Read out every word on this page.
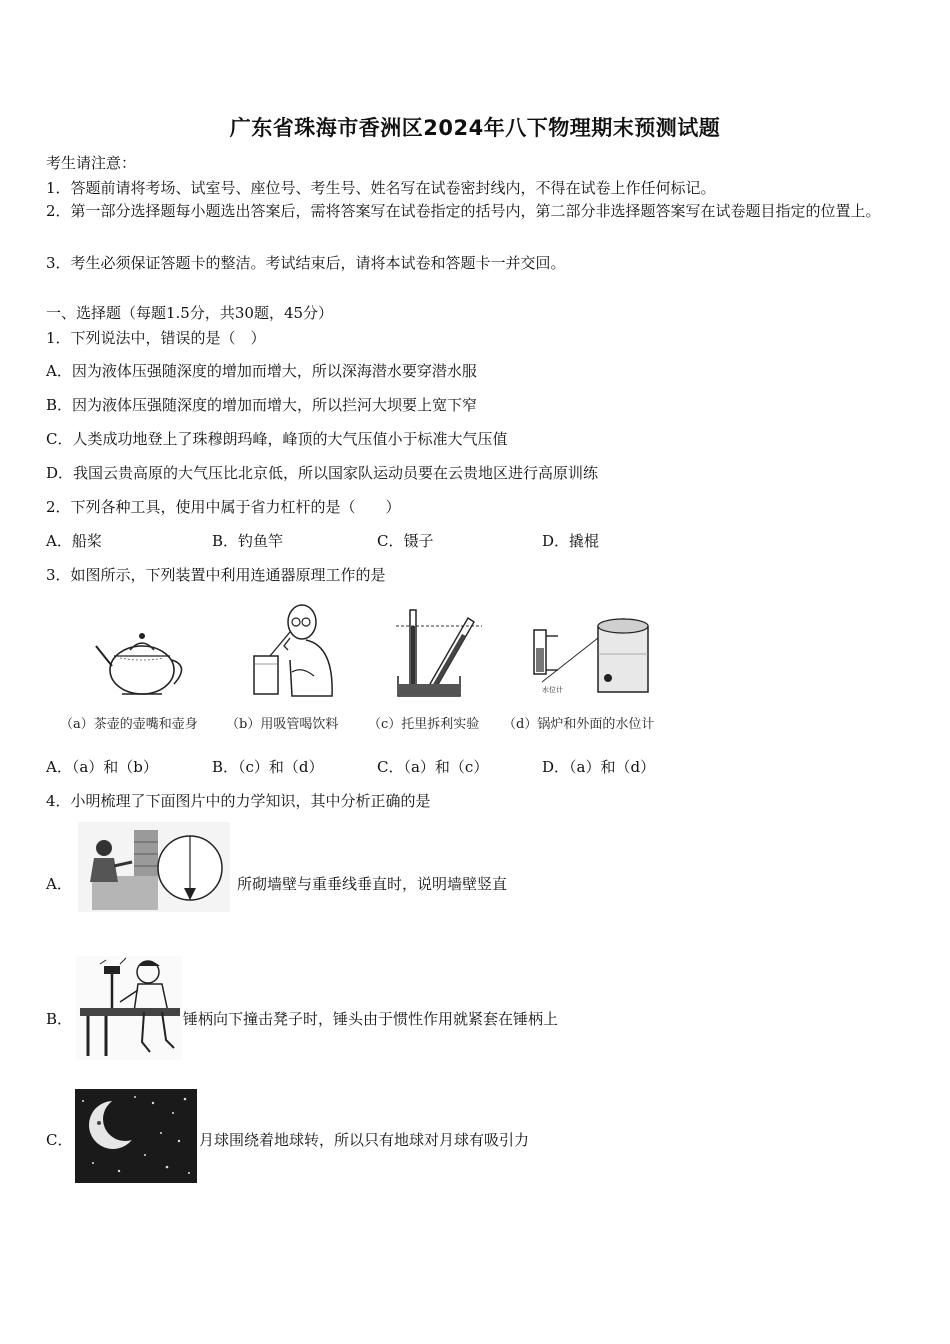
广东省珠海市香洲区2024年八下物理期末预测试题
考生请注意：
1．答题前请将考场、试室号、座位号、考生号、姓名写在试卷密封线内，不得在试卷上作任何标记。
2．第一部分选择题每小题选出答案后，需将答案写在试卷指定的括号内，第二部分非选择题答案写在试卷题目指定的位置上。
3．考生必须保证答题卡的整洁。考试结束后，请将本试卷和答题卡一并交回。
一、选择题（每题1.5分，共30题，45分）
1．下列说法中，错误的是（　）
A．因为液体压强随深度的增加而增大，所以深海潜水要穿潜水服
B．因为液体压强随深度的增加而增大，所以拦河大坝要上宽下窄
C．人类成功地登上了珠穆朗玛峰，峰顶的大气压值小于标准大气压值
D．我国云贵高原的大气压比北京低，所以国家队运动员要在云贵地区进行高原训练
2．下列各种工具，使用中属于省力杠杆的是（　　）
A．船桨	B．钓鱼竿	C．镊子	D．撬棍
3．如图所示，下列装置中利用连通器原理工作的是
水位计
（a）茶壶的壶嘴和壶身 （b）用吸管喝饮料 （c）托里拆利实验 （d）锅炉和外面的水位计
A．（a）和（b）	B．（c）和（d）	C．（a）和（c）	D．（a）和（d）
4．小明梳理了下面图片中的力学知识，其中分析正确的是
A．	所砌墙壁与重垂线垂直时，说明墙壁竖直
B．	锤柄向下撞击凳子时，锤头由于惯性作用就紧套在锤柄上
C．	月球围绕着地球转，所以只有地球对月球有吸引力
